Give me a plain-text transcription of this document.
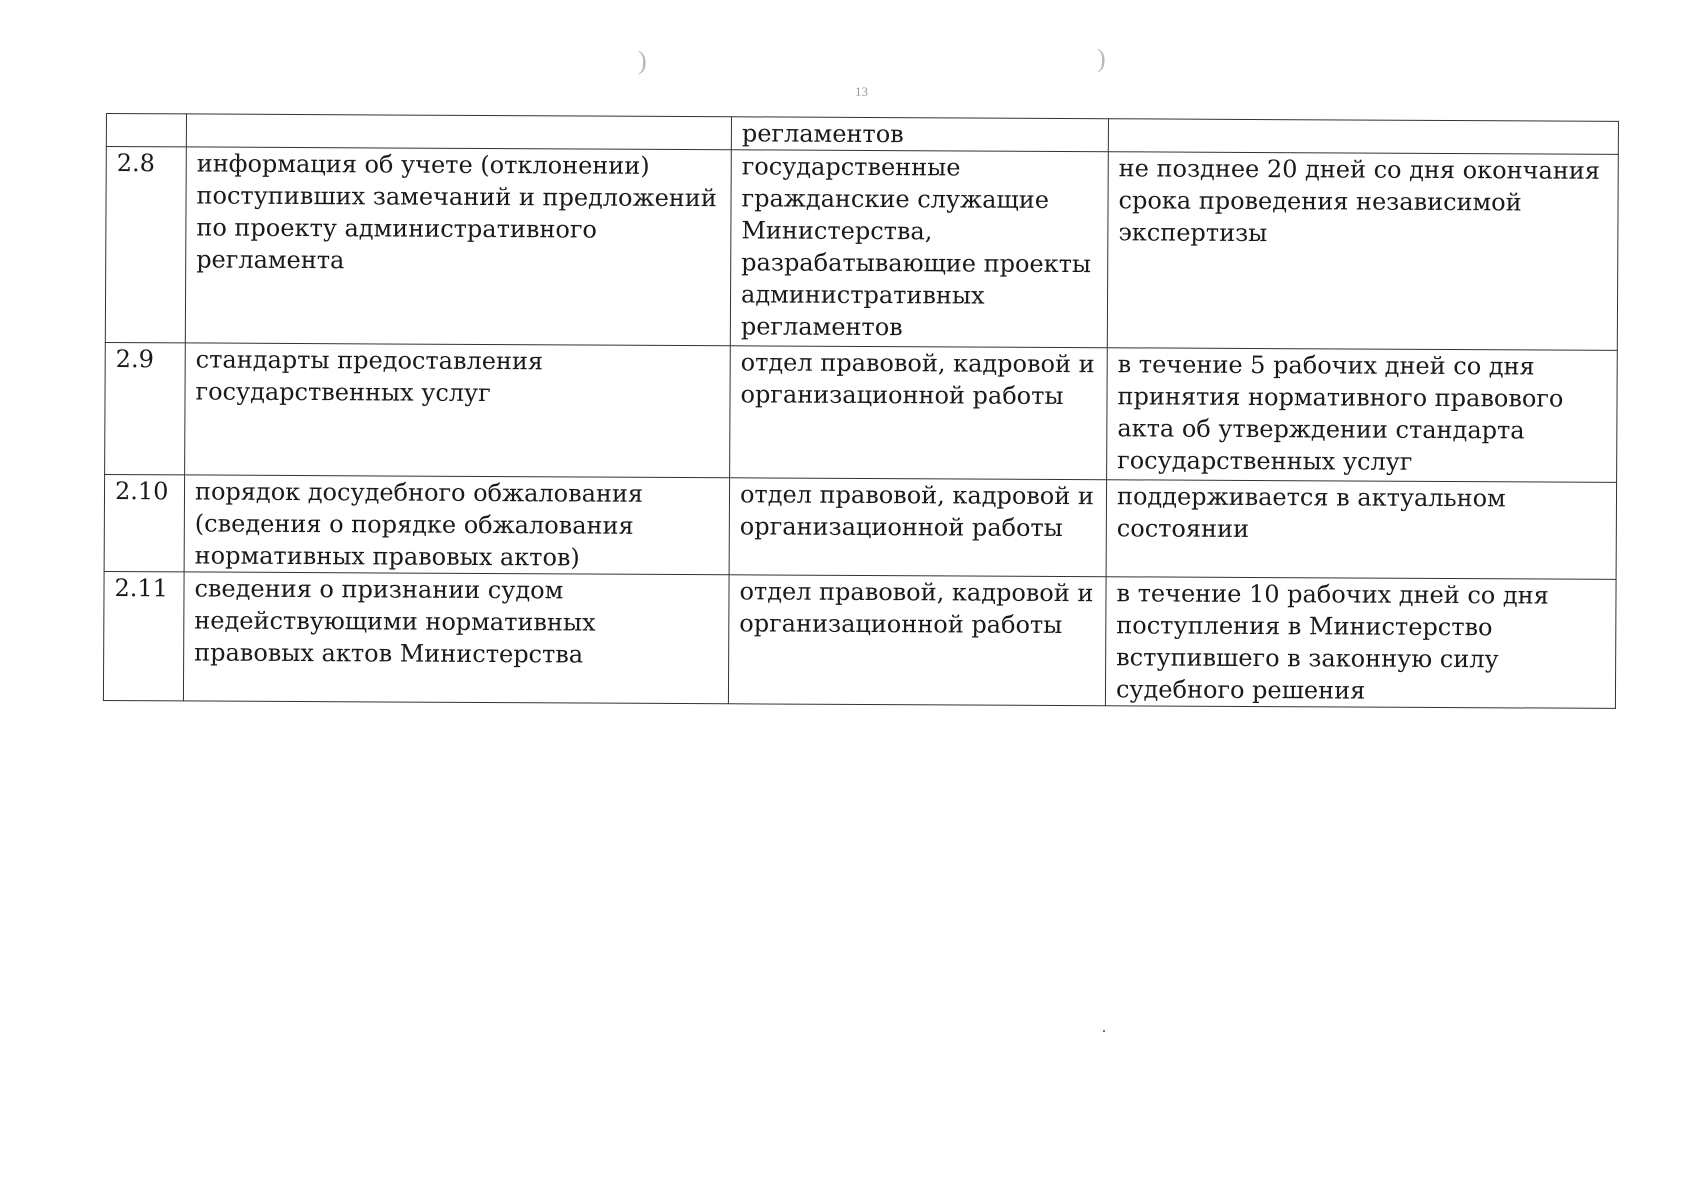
)	)
13
		регламентов	
2.8	информация об учете (отклонении) поступивших замечаний и предложений по проекту административного регламента	государственные гражданские служащие Министерства, разрабатывающие проекты административных регламентов	не позднее 20 дней со дня окончания срока проведения независимой экспертизы
2.9	стандарты предоставления государственных услуг	отдел правовой, кадровой и организационной работы	в течение 5 рабочих дней со дня принятия нормативного правового акта об утверждении стандарта государственных услуг
2.10	порядок досудебного обжалования (сведения о порядке обжалования нормативных правовых актов)	отдел правовой, кадровой и организационной работы	поддерживается в актуальном состоянии
2.11	сведения о признании судом недействующими нормативных правовых актов Министерства	отдел правовой, кадровой и организационной работы	в течение 10 рабочих дней со дня поступления в Министерство вступившего в законную силу судебного решения
